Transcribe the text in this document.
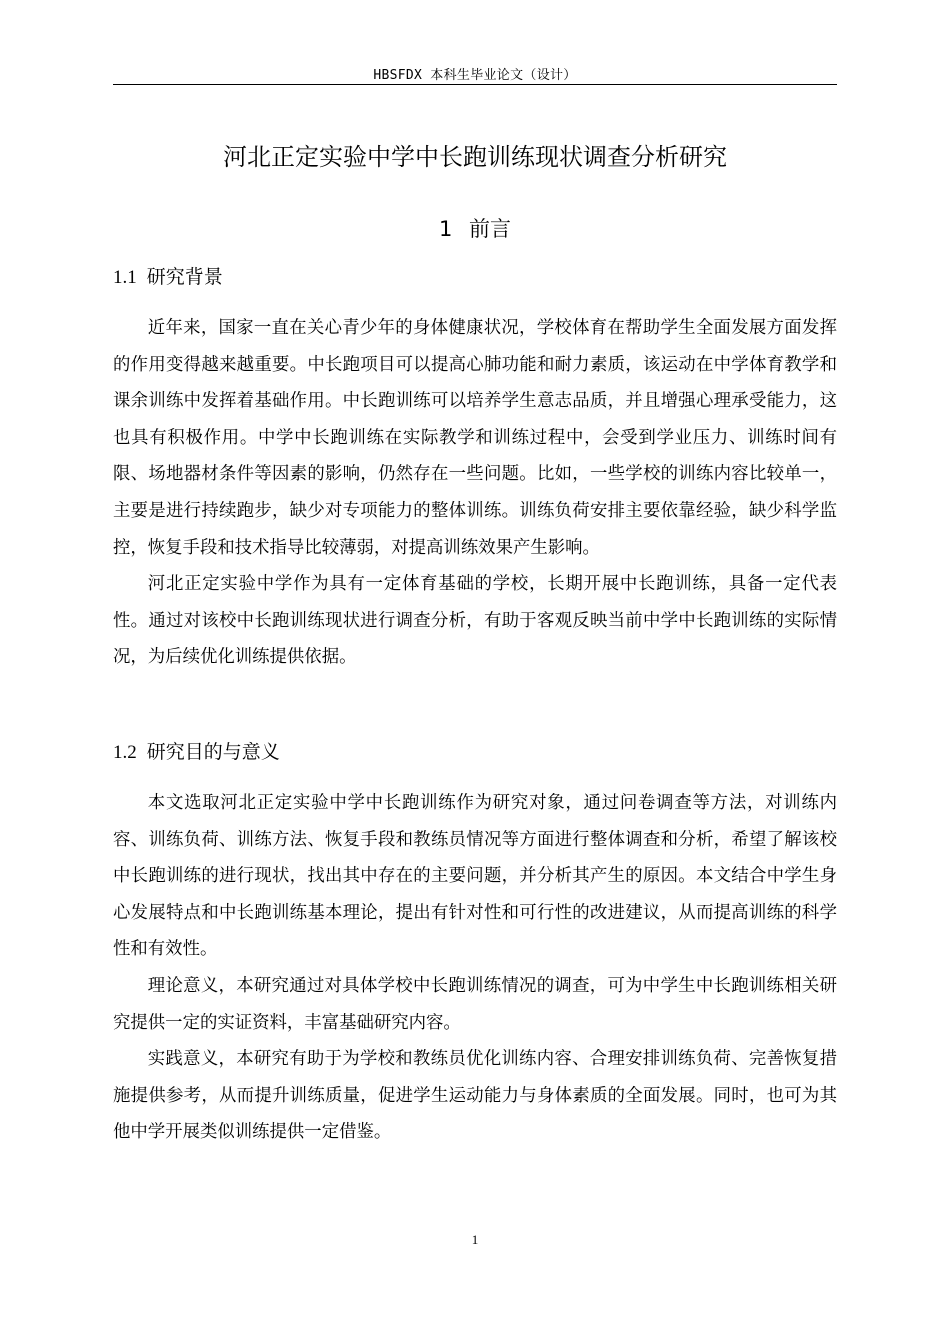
HBSFDX 本科生毕业论文（设计）
河北正定实验中学中长跑训练现状调查分析研究
1 前言
1.1 研究背景

近年来，国家一直在关心青少年的身体健康状况，学校体育在帮助学生全面发展方面发挥的作用变得越来越重要。中长跑项目可以提高心肺功能和耐力素质，该运动在中学体育教学和课余训练中发挥着基础作用。中长跑训练可以培养学生意志品质，并且增强心理承受能力，这也具有积极作用。中学中长跑训练在实际教学和训练过程中，会受到学业压力、训练时间有限、场地器材条件等因素的影响，仍然存在一些问题。比如，一些学校的训练内容比较单一，主要是进行持续跑步，缺少对专项能力的整体训练。训练负荷安排主要依靠经验，缺少科学监控，恢复手段和技术指导比较薄弱，对提高训练效果产生影响。

河北正定实验中学作为具有一定体育基础的学校，长期开展中长跑训练，具备一定代表性。通过对该校中长跑训练现状进行调查分析，有助于客观反映当前中学中长跑训练的实际情况，为后续优化训练提供依据。

1.2 研究目的与意义

本文选取河北正定实验中学中长跑训练作为研究对象，通过问卷调查等方法，对训练内容、训练负荷、训练方法、恢复手段和教练员情况等方面进行整体调查和分析，希望了解该校中长跑训练的进行现状，找出其中存在的主要问题，并分析其产生的原因。本文结合中学生身心发展特点和中长跑训练基本理论，提出有针对性和可行性的改进建议，从而提高训练的科学性和有效性。

理论意义，本研究通过对具体学校中长跑训练情况的调查，可为中学生中长跑训练相关研究提供一定的实证资料，丰富基础研究内容。

实践意义，本研究有助于为学校和教练员优化训练内容、合理安排训练负荷、完善恢复措施提供参考，从而提升训练质量，促进学生运动能力与身体素质的全面发展。同时，也可为其他中学开展类似训练提供一定借鉴。

1
